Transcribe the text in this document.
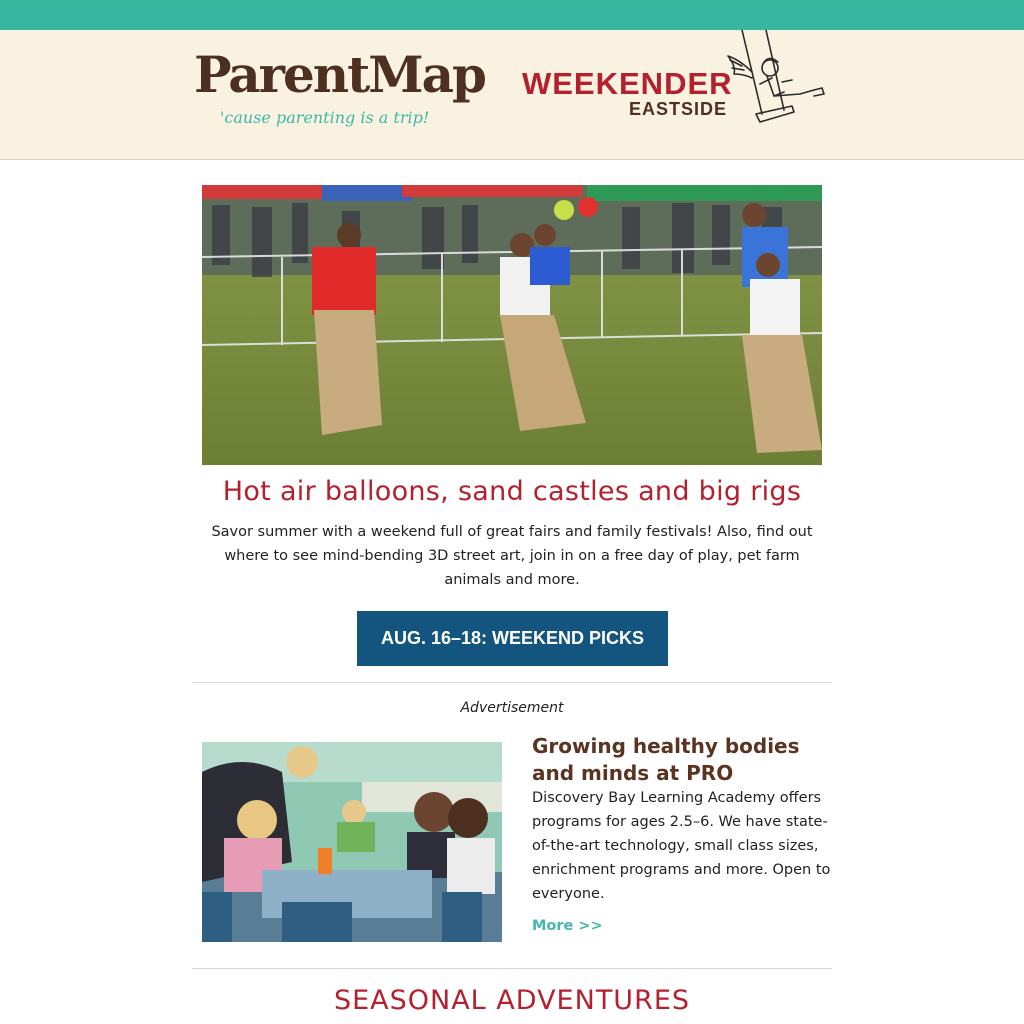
ParentMap
'cause parenting is a trip!
WEEKENDER
EASTSIDE
Hot air balloons, sand castles and big rigs
Savor summer with a weekend full of great fairs and family festivals! Also, find out where to see mind-bending 3D street art, join in on a free day of play, pet farm animals and more.
AUG. 16–18: WEEKEND PICKS
Advertisement
Growing healthy bodies and minds at PRO
Discovery Bay Learning Academy offers programs for ages 2.5–6. We have state-of-the-art technology, small class sizes, enrichment programs and more. Open to everyone.
More >>
SEASONAL ADVENTURES
